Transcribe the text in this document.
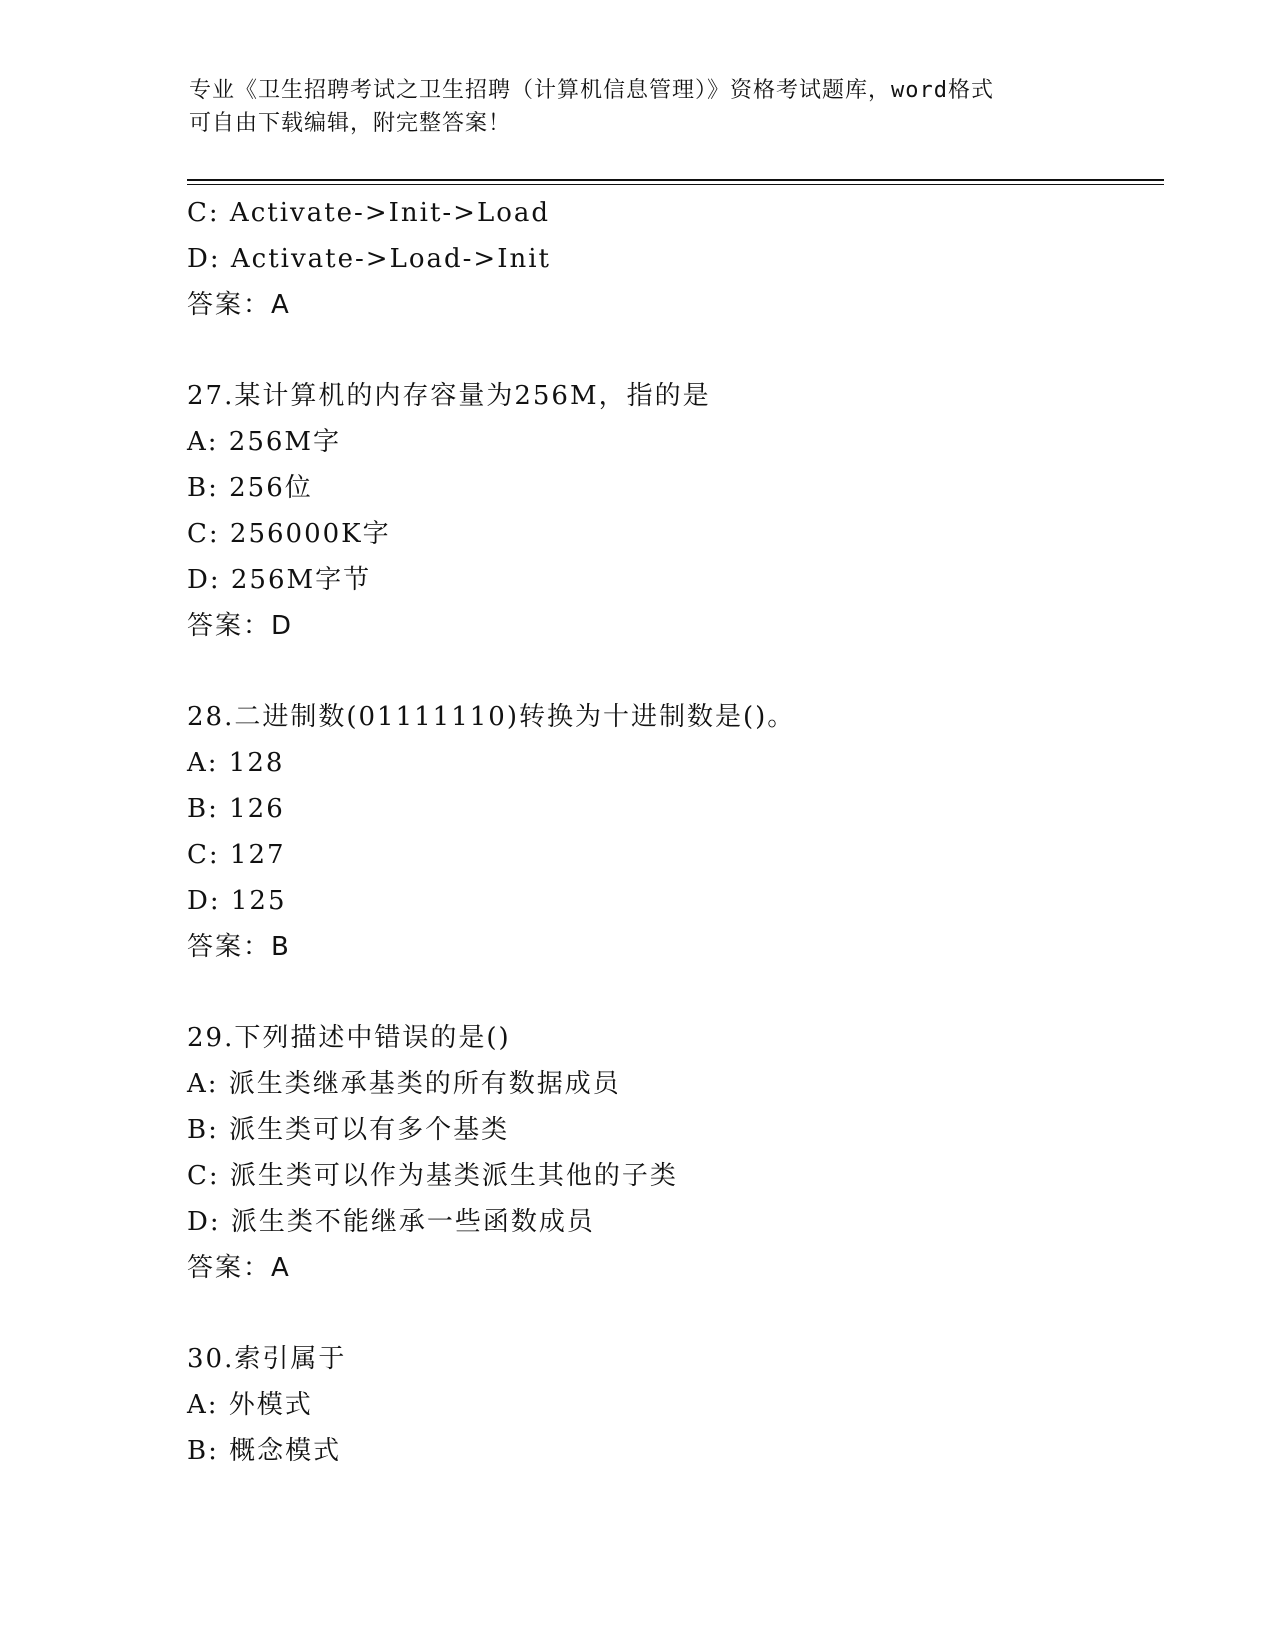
专业《卫生招聘考试之卫生招聘（计算机信息管理）》资格考试题库，word格式
可自由下载编辑，附完整答案！
C: Activate->Init->Load
D: Activate->Load->Init
答案：A
27.某计算机的内存容量为256M，指的是
A: 256M字
B: 256位
C: 256000K字
D: 256M字节
答案：D
28.二进制数(01111110)转换为十进制数是()。
A: 128
B: 126
C: 127
D: 125
答案：B
29.下列描述中错误的是()
A: 派生类继承基类的所有数据成员
B: 派生类可以有多个基类
C: 派生类可以作为基类派生其他的子类
D: 派生类不能继承一些函数成员
答案：A
30.索引属于
A: 外模式
B: 概念模式
